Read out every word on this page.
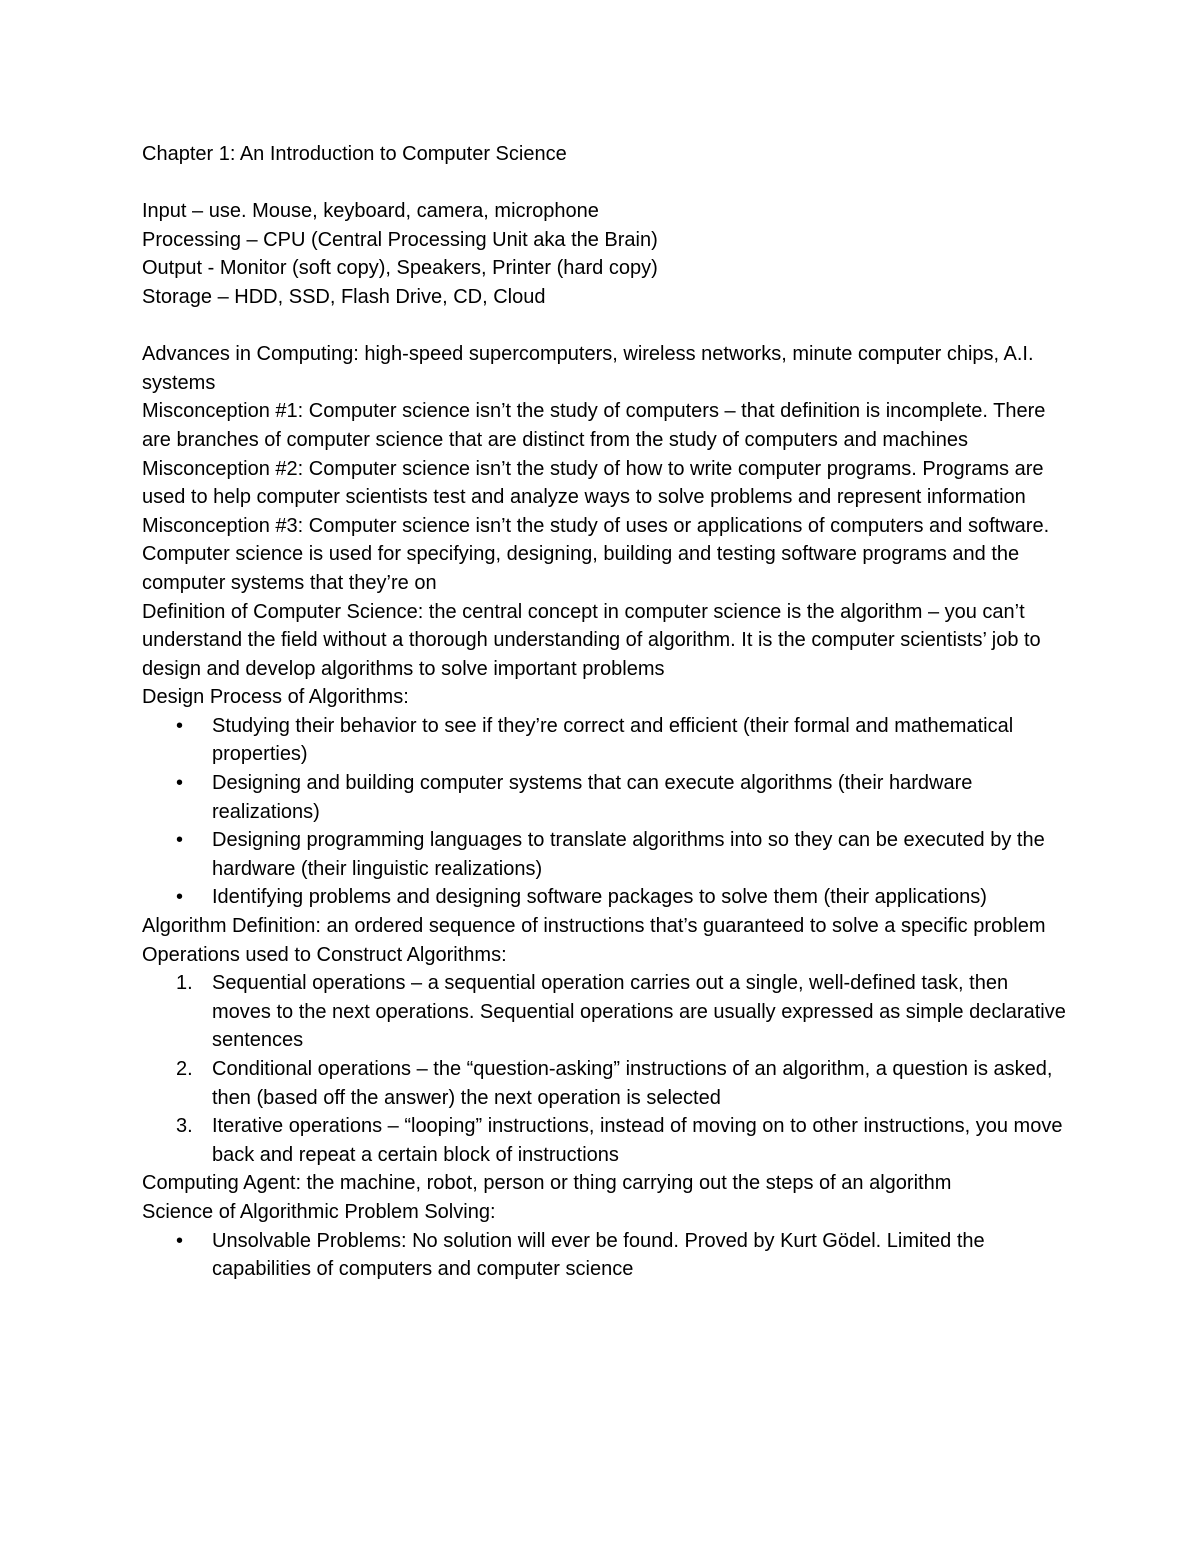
Chapter 1: An Introduction to Computer Science

Input – use. Mouse, keyboard, camera, microphone

Processing – CPU (Central Processing Unit aka the Brain)

Output - Monitor (soft copy), Speakers, Printer (hard copy)

Storage – HDD, SSD, Flash Drive, CD, Cloud

Advances in Computing: high-speed supercomputers, wireless networks, minute computer chips, A.I. systems

Misconception #1: Computer science isn’t the study of computers – that definition is incomplete. There are branches of computer science that are distinct from the study of computers and machines

Misconception #2: Computer science isn’t the study of how to write computer programs. Programs are used to help computer scientists test and analyze ways to solve problems and represent information

Misconception #3: Computer science isn’t the study of uses or applications of computers and software. Computer science is used for specifying, designing, building and testing software programs and the computer systems that they’re on

Definition of Computer Science: the central concept in computer science is the algorithm – you can’t understand the field without a thorough understanding of algorithm. It is the computer scientists’ job to design and develop algorithms to solve important problems

Design Process of Algorithms:

• Studying their behavior to see if they’re correct and efficient (their formal and mathematical properties)
• Designing and building computer systems that can execute algorithms (their hardware realizations)
• Designing programming languages to translate algorithms into so they can be executed by the hardware (their linguistic realizations)
• Identifying problems and designing software packages to solve them (their applications)

Algorithm Definition: an ordered sequence of instructions that’s guaranteed to solve a specific problem

Operations used to Construct Algorithms:

1. Sequential operations – a sequential operation carries out a single, well-defined task, then moves to the next operations. Sequential operations are usually expressed as simple declarative sentences
2. Conditional operations – the “question-asking” instructions of an algorithm, a question is asked, then (based off the answer) the next operation is selected
3. Iterative operations – “looping” instructions, instead of moving on to other instructions, you move back and repeat a certain block of instructions

Computing Agent: the machine, robot, person or thing carrying out the steps of an algorithm

Science of Algorithmic Problem Solving:

• Unsolvable Problems: No solution will ever be found. Proved by Kurt Gödel. Limited the capabilities of computers and computer science
